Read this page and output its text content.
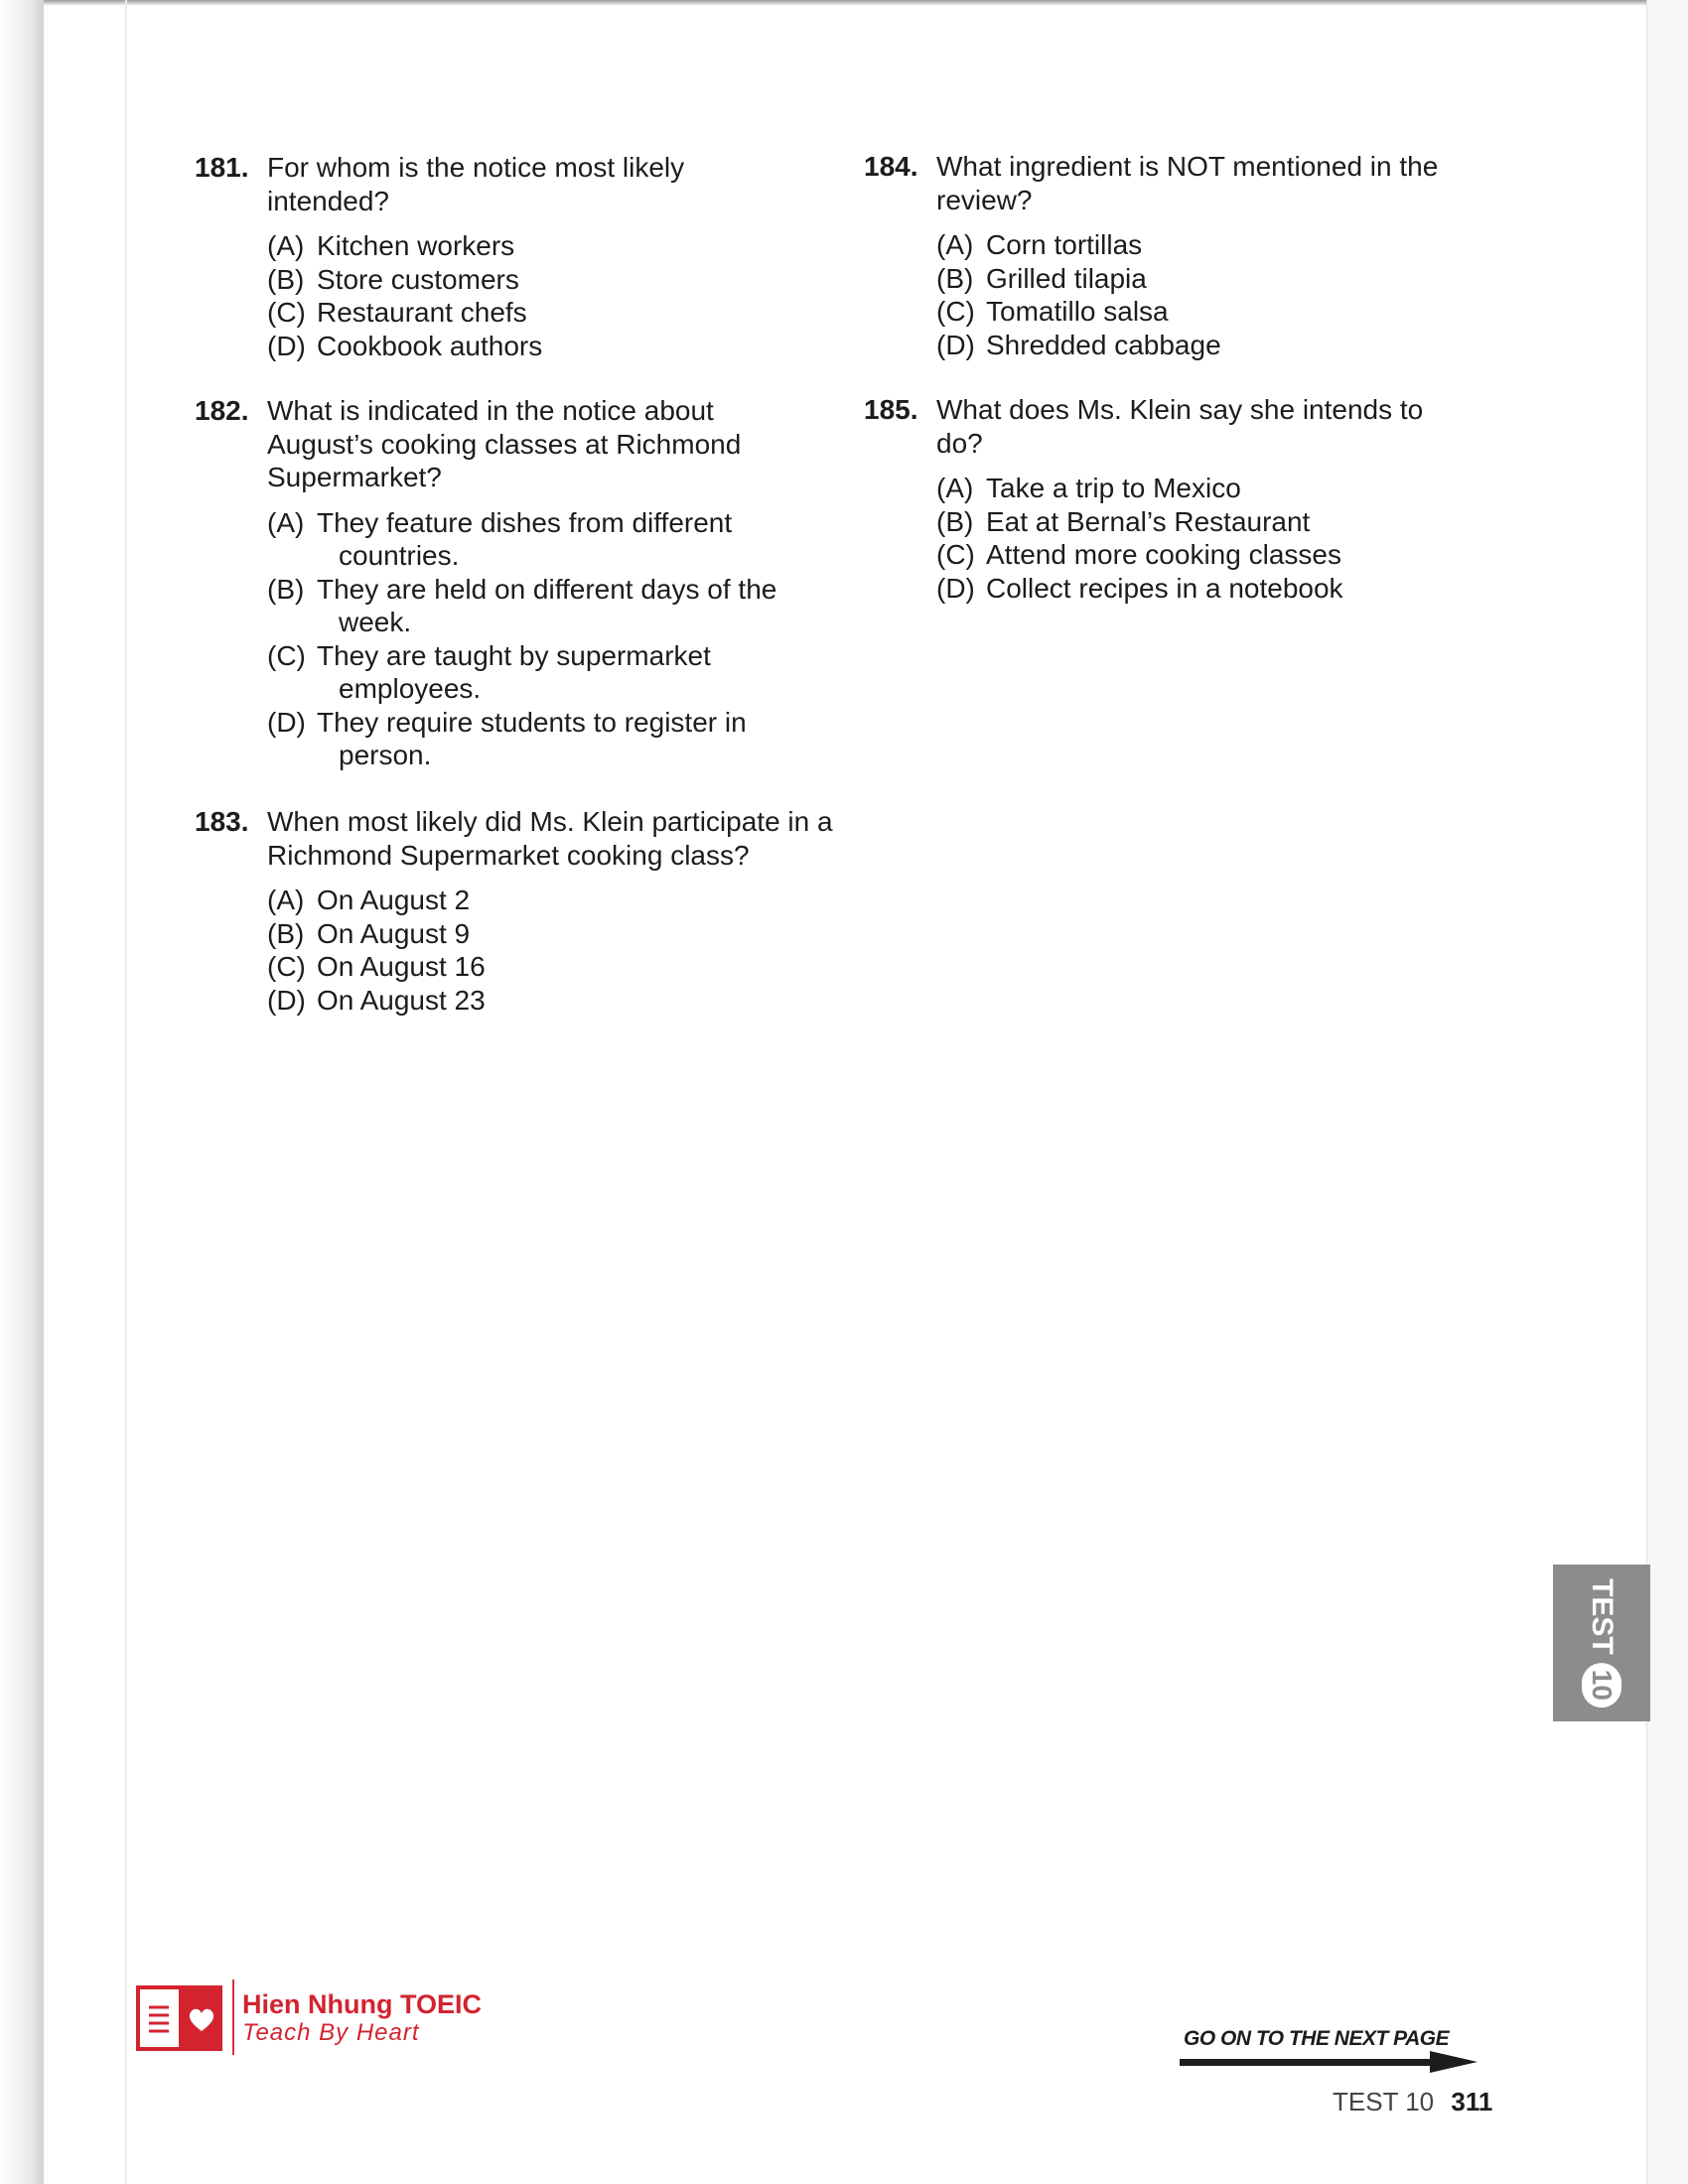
181. For whom is the notice most likely intended?
(A) Kitchen workers
(B) Store customers
(C) Restaurant chefs
(D) Cookbook authors
182. What is indicated in the notice about August’s cooking classes at Richmond Supermarket?
(A) They feature dishes from different countries.
(B) They are held on different days of the week.
(C) They are taught by supermarket employees.
(D) They require students to register in person.
183. When most likely did Ms. Klein participate in a Richmond Supermarket cooking class?
(A) On August 2
(B) On August 9
(C) On August 16
(D) On August 23
184. What ingredient is NOT mentioned in the review?
(A) Corn tortillas
(B) Grilled tilapia
(C) Tomatillo salsa
(D) Shredded cabbage
185. What does Ms. Klein say she intends to do?
(A) Take a trip to Mexico
(B) Eat at Bernal’s Restaurant
(C) Attend more cooking classes
(D) Collect recipes in a notebook
TEST
10
Hien Nhung TOEIC
Teach By Heart	GO ON TO THE NEXT PAGE
TEST 10 311
